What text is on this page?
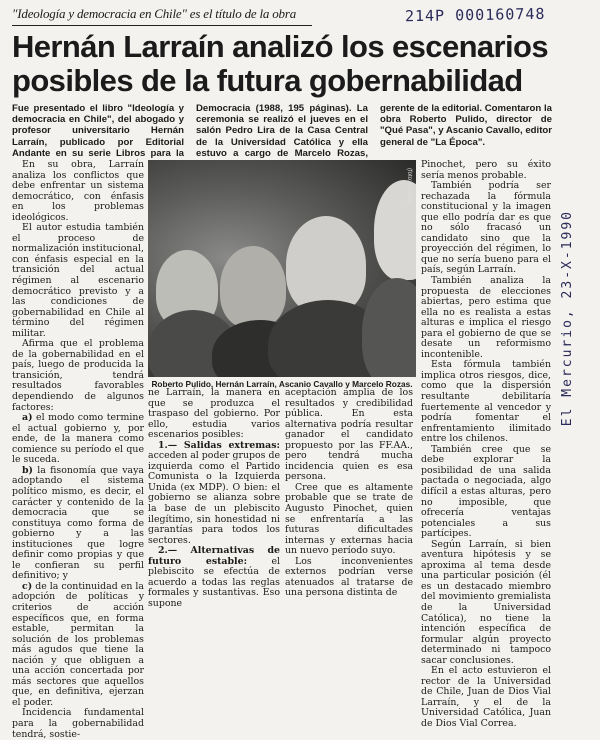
"Ideología y democracia en Chile" es el título de la obra	214P 000160748
El Mercurio, 23-X-1990
Hernán Larraín analizó los escenarios posibles de la futura gobernabilidad
Fue presentado el libro "Ideología y democracia en Chile", del abogado y profesor universitario Hernán Larraín, publicado por Editorial Andante en su serie Libros para la Democracia (1988, 195 páginas). La ceremonia se realizó el jueves en el salón Pedro Lira de la Casa Central de la Universidad Católica y ella estuvo a cargo de Marcelo Rozas, gerente de la editorial. Comentaron la obra Roberto Pulido, director de "Qué Pasa", y Ascanio Cavallo, editor general de "La Época".

En su obra, Larraín analiza los conflictos que debe enfrentar un sistema democrático, con énfasis en los problemas ideológicos.

El autor estudia también el proceso de normalización institucional, con énfasis especial en la transición del actual régimen al escenario democrático previsto y a las condiciones de gobernabilidad en Chile al término del régimen militar.

Afirma que el problema de la gobernabilidad en el país, luego de producida la transición, tendrá resultados favorables dependiendo de algunos factores:

a) el modo como termine el actual gobierno y, por ende, de la manera como comience su período el que le suceda.

b) la fisonomía que vaya adoptando el sistema político mismo, es decir, el carácter y contenido de la democracia que se constituya como forma de gobierno y a las instituciones que logre definir como propias y que le confieran su perfil definitivo; y

c) de la continuidad en la adopción de políticas y criterios de acción específicos que, en forma estable, permitan la solución de los problemas más agudos que tiene la nación y que obliguen a una acción concertada por más sectores que aquellos que, en definitiva, ejerzan el poder.

Incidencia fundamental para la gobernabilidad tendrá, sostie-

(foto: cedida)
Roberto Pulido, Hernán Larraín, Ascanio Cavallo y Marcelo Rozas.

ne Larraín, la manera en que se produzca el traspaso del gobierno. Por ello, estudia varios escenarios posibles:

1.— Salidas extremas: acceden al poder grupos de izquierda como el Partido Comunista o la Izquierda Unida (ex MDP). O bien: el gobierno se alianza sobre la base de un plebiscito ilegítimo, sin honestidad ni garantías para todos los sectores.

2.— Alternativas de futuro estable: el plebiscito se efectúa de acuerdo a todas las reglas formales y sustantivas. Eso supone

aceptación amplia de los resultados y credibilidad pública. En esta alternativa podría resultar ganador el candidato propuesto por las FF.AA., pero tendrá mucha incidencia quien es esa persona.

Cree que es altamente probable que se trate de Augusto Pinochet, quien se enfrentaría a las futuras dificultades internas y externas hacia un nuevo período suyo.

Los inconvenientes externos podrían verse atenuados al tratarse de una persona distinta de

Pinochet, pero su éxito sería menos probable.

También podría ser rechazada la fórmula constitucional y la imagen que ello podría dar es que no sólo fracasó un candidato sino que la proyección del régimen, lo que no sería bueno para el país, según Larraín.

También analiza la propuesta de elecciones abiertas, pero estima que ella no es realista a estas alturas e implica el riesgo para el gobierno de que se desate un reformismo incontenible.

Esta fórmula también implica otros riesgos, dice, como que la dispersión resultante debilitaría fuertemente al vencedor y podría fomentar el enfrentamiento ilimitado entre los chilenos.

También cree que se debe explorar la posibilidad de una salida pactada o negociada, algo difícil a estas alturas, pero no imposible, que ofrecería ventajas potenciales a sus partícipes.

Según Larraín, si bien aventura hipótesis y se aproxima al tema desde una particular posición (él es un destacado miembro del movimiento gremialista de la Universidad Católica), no tiene la intención específica de formular algún proyecto determinado ni tampoco sacar conclusiones.

En el acto estuvieron el rector de la Universidad de Chile, Juan de Dios Vial Larraín, y el de la Universidad Católica, Juan de Dios Vial Correa.
